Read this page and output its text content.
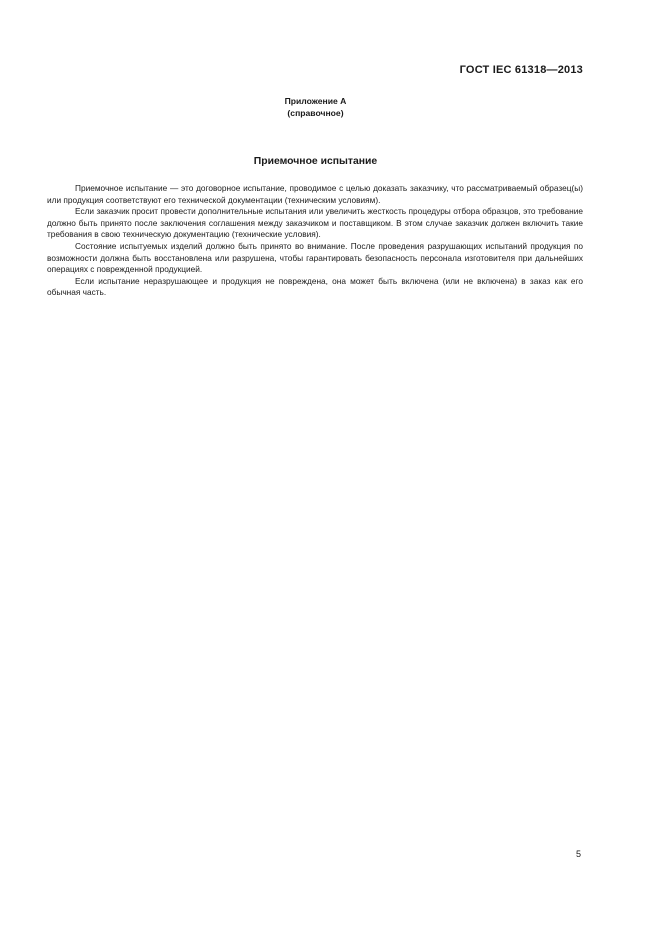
ГОСТ IEC 61318—2013
Приложение А
(справочное)
Приемочное испытание

Приемочное испытание — это договорное испытание, проводимое с целью доказать заказчику, что рассматриваемый образец(ы) или продукция соответствуют его технической документации (техническим условиям).

Если заказчик просит провести дополнительные испытания или увеличить жесткость процедуры отбора образцов, это требование должно быть принято после заключения соглашения между заказчиком и поставщиком. В этом случае заказчик должен включить такие требования в свою техническую документацию (технические условия).

Состояние испытуемых изделий должно быть принято во внимание. После проведения разрушающих испытаний продукция по возможности должна быть восстановлена или разрушена, чтобы гарантировать безопасность персонала изготовителя при дальнейших операциях с поврежденной продукцией.

Если испытание неразрушающее и продукция не повреждена, она может быть включена (или не включена) в заказ как его обычная часть.

5
